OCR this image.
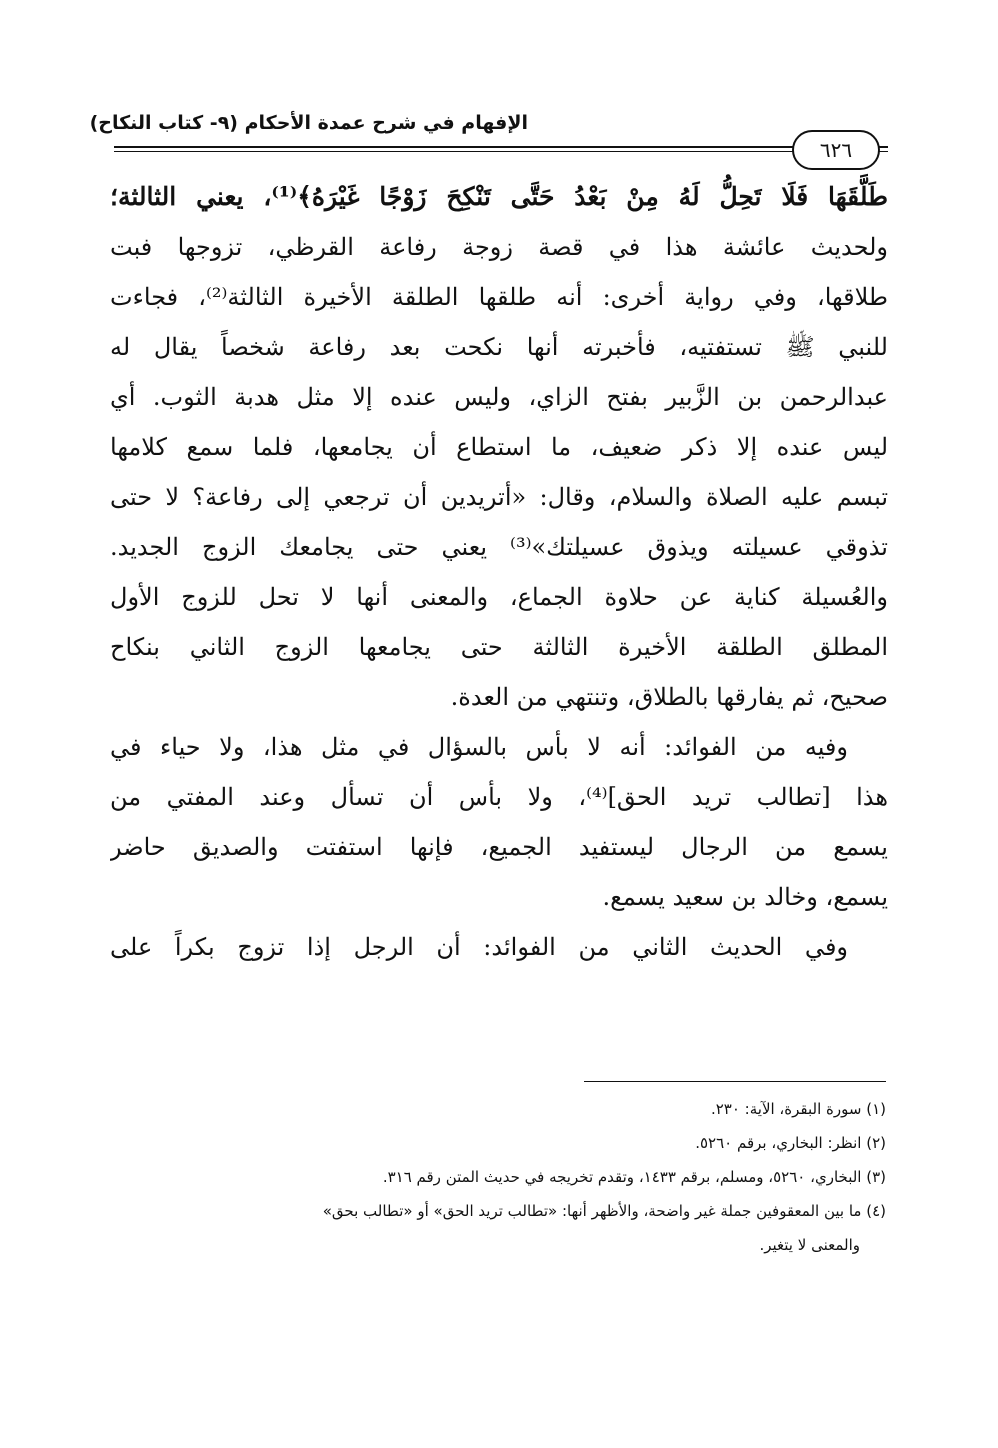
الإفهام في شرح عمدة الأحكام (٩- كتاب النكاح)
٦٢٦
طَلَّقَهَا فَلَا تَحِلُّ لَهُ مِنْ بَعْدُ حَتَّى تَنْكِحَ زَوْجًا غَيْرَهُ﴾⁽¹⁾، يعني الثالثة؛
ولحديث عائشة هذا في قصة زوجة رفاعة القرظي، تزوجها فبت
طلاقها، وفي رواية أخرى: أنه طلقها الطلقة الأخيرة الثالثة⁽²⁾، فجاءت
للنبي ﷺ تستفتيه، فأخبرته أنها نكحت بعد رفاعة شخصاً يقال له
عبدالرحمن بن الزَّبير بفتح الزاي، وليس عنده إلا مثل هدبة الثوب. أي
ليس عنده إلا ذكر ضعيف، ما استطاع أن يجامعها، فلما سمع كلامها
تبسم عليه الصلاة والسلام، وقال: «أتريدين أن ترجعي إلى رفاعة؟ لا حتى
تذوقي عسيلته ويذوق عسيلتك»⁽³⁾ يعني حتى يجامعك الزوج الجديد.
والعُسيلة كناية عن حلاوة الجماع، والمعنى أنها لا تحل للزوج الأول
المطلق الطلقة الأخيرة الثالثة حتى يجامعها الزوج الثاني بنكاح
صحيح، ثم يفارقها بالطلاق، وتنتهي من العدة.
وفيه من الفوائد: أنه لا بأس بالسؤال في مثل هذا، ولا حياء في
هذا [تطالب تريد الحق]⁽⁴⁾، ولا بأس أن تسأل وعند المفتي من
يسمع من الرجال ليستفيد الجميع، فإنها استفتت والصديق حاضر
يسمع، وخالد بن سعيد يسمع.
وفي الحديث الثاني من الفوائد: أن الرجل إذا تزوج بكراً على
(١) سورة البقرة، الآية: ٢٣٠.
(٢) انظر: البخاري، برقم ٥٢٦٠.
(٣) البخاري، ٥٢٦٠، ومسلم، برقم ١٤٣٣، وتقدم تخريجه في حديث المتن رقم ٣١٦.
(٤) ما بين المعقوفين جملة غير واضحة، والأظهر أنها: «تطالب تريد الحق» أو «تطالب بحق»
والمعنى لا يتغير.
